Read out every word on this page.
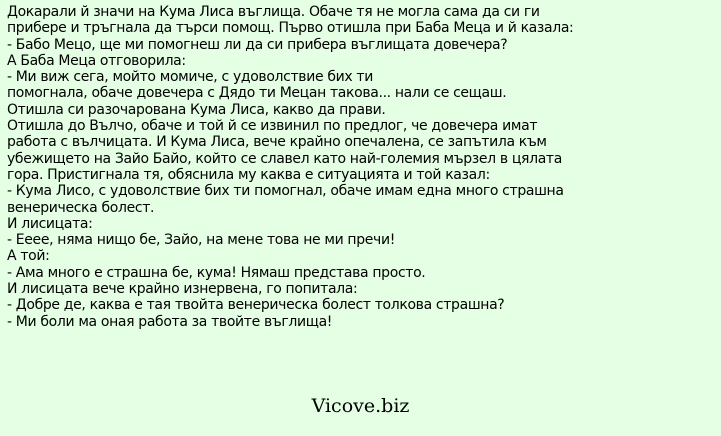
Докарали й значи на Кума Лиса въглища. Обаче тя не могла сама да си ги
прибере и тръгнала да търси помощ. Първо отишла при Баба Меца и й казала:
- Бабо Мецо, ще ми помогнеш ли да си прибера въглищата довечера?
А Баба Меца отговорила:
- Ми виж сега, мойто момиче, с удоволствие бих ти
помогнала, обаче довечера с Дядо ти Мецан такова... нали се сещаш.
Отишла си разочарована Кума Лиса, какво да прави.
Отишла до Вълчо, обаче и той й се извинил по предлог, че довечера имат
работа с вълчицата. И Кума Лиса, вече крайно опечалена, се запътила към
убежището на Зайо Байо, който се славел като най-големия мързел в цялата
гора. Пристигнала тя, обяснила му каква е ситуацията и той казал:
- Кума Лисо, с удоволствие бих ти помогнал, обаче имам една много страшна
венерическа болест.
И лисицата:
- Ееее, няма нищо бе, Зайо, на мене това не ми пречи!
А той:
- Ама много е страшна бе, кума! Нямаш представа просто.
И лисицата вече крайно изнервена, го попитала:
- Добре де, каква е тая твойта венерическа болест толкова страшна?
- Ми боли ма оная работа за твойте въглища!
Vicove.biz
